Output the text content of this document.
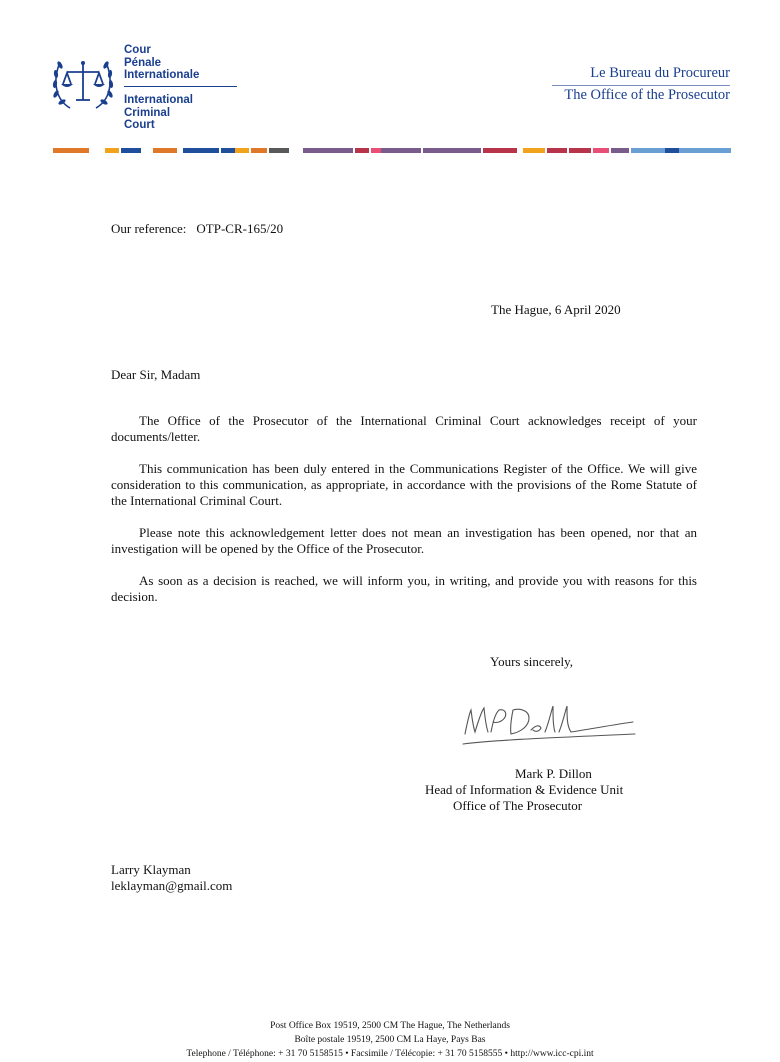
Cour
Pénale
Internationale
International
Criminal
Court
Le Bureau du Procureur
The Office of the Prosecutor
Our reference: OTP-CR-165/20
The Hague, 6 April 2020
Dear Sir, Madam

The Office of the Prosecutor of the International Criminal Court acknowledges receipt of your documents/letter.

This communication has been duly entered in the Communications Register of the Office. We will give consideration to this communication, as appropriate, in accordance with the provisions of the Rome Statute of the International Criminal Court.

Please note this acknowledgement letter does not mean an investigation has been opened, nor that an investigation will be opened by the Office of the Prosecutor.

As soon as a decision is reached, we will inform you, in writing, and provide you with reasons for this decision.

Yours sincerely,
Mark P. Dillon
Head of Information & Evidence Unit
Office of The Prosecutor
Larry Klayman
leklayman@gmail.com
Post Office Box 19519, 2500 CM The Hague, The Netherlands
Boîte postale 19519, 2500 CM La Haye, Pays Bas
Telephone / Téléphone: + 31 70 5158515 • Facsimile / Télécopie: + 31 70 5158555 • http://www.icc-cpi.int
